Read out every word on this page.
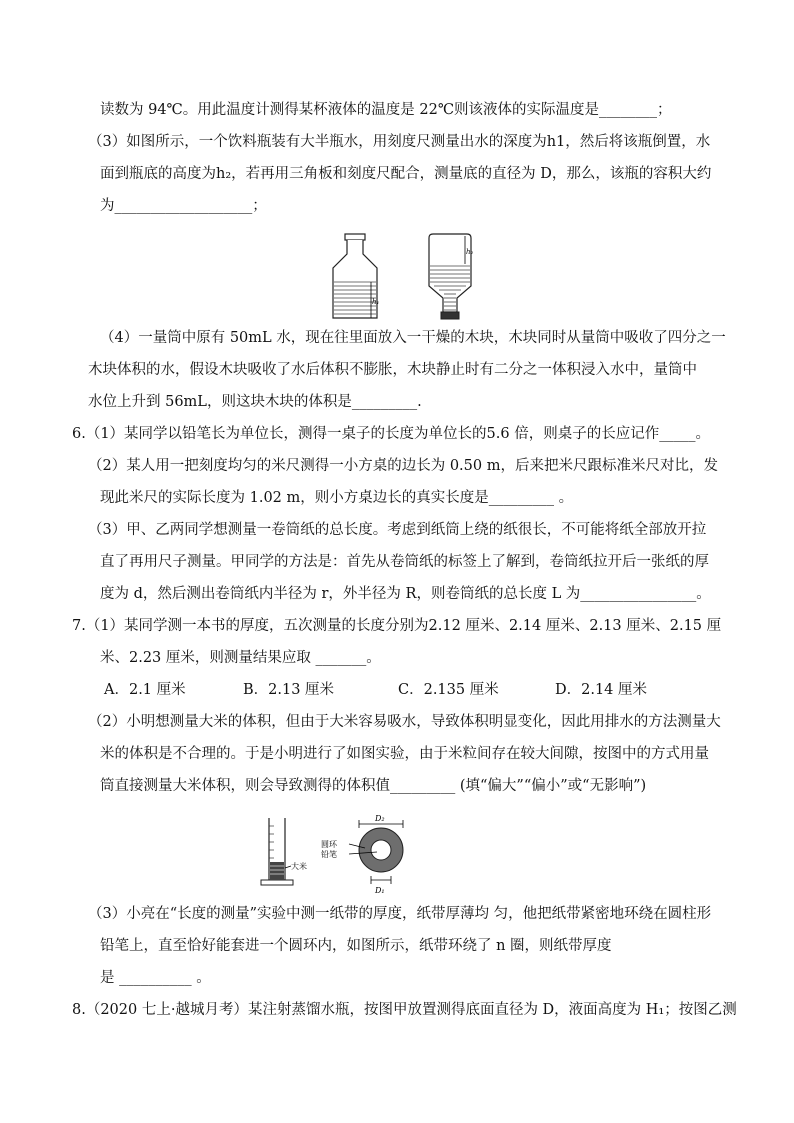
读数为 94℃。用此温度计测得某杯液体的温度是 22℃则该液体的实际温度是________；
（3）如图所示，一个饮料瓶装有大半瓶水，用刻度尺测量出水的深度为h1，然后将该瓶倒置，水
面到瓶底的高度为h₂，若再用三角板和刻度尺配合，测量底的直径为 D，那么，该瓶的容积大约
为___________________；
h₁
h₂
（4）一量筒中原有 50mL 水，现在往里面放入一干燥的木块，木块同时从量筒中吸收了四分之一
木块体积的水，假设木块吸收了水后体积不膨胀，木块静止时有二分之一体积浸入水中，量筒中
水位上升到 56mL，则这块木块的体积是_________.
6.（1）某同学以铅笔长为单位长，测得一桌子的长度为单位长的5.6 倍，则桌子的长应记作_____。
（2）某人用一把刻度均匀的米尺测得一小方桌的边长为 0.50 m，后来把米尺跟标准米尺对比，发
现此米尺的实际长度为 1.02 m，则小方桌边长的真实长度是_________ 。
（3）甲、乙两同学想测量一卷筒纸的总长度。考虑到纸筒上绕的纸很长，不可能将纸全部放开拉
直了再用尺子测量。甲同学的方法是：首先从卷筒纸的标签上了解到，卷筒纸拉开后一张纸的厚
度为 d，然后测出卷筒纸内半径为 r，外半径为 R，则卷筒纸的总长度 L 为________________。
7.（1）某同学测一本书的厚度，五次测量的长度分别为2.12 厘米、2.14 厘米、2.13 厘米、2.15 厘
米、2.23 厘米，则测量结果应取 _______。
A．2.1 厘米	B．2.13 厘米	C．2.135 厘米	D．2.14 厘米
（2）小明想测量大米的体积，但由于大米容易吸水，导致体积明显变化，因此用排水的方法测量大
米的体积是不合理的。于是小明进行了如图实验，由于米粒间存在较大间隙，按图中的方式用量
筒直接测量大米体积，则会导致测得的体积值_________ (填“偏大”“偏小”或“无影响”)
大米
D₂
D₁
圆环
铅笔
（3）小亮在“长度的测量”实验中测一纸带的厚度，纸带厚薄均 匀，他把纸带紧密地环绕在圆柱形
铅笔上，直至恰好能套进一个圆环内，如图所示，纸带环绕了 n 圈，则纸带厚度
是 __________ 。
8.（2020 七上·越城月考）某注射蒸馏水瓶，按图甲放置测得底面直径为 D，液面高度为 H₁；按图乙测
